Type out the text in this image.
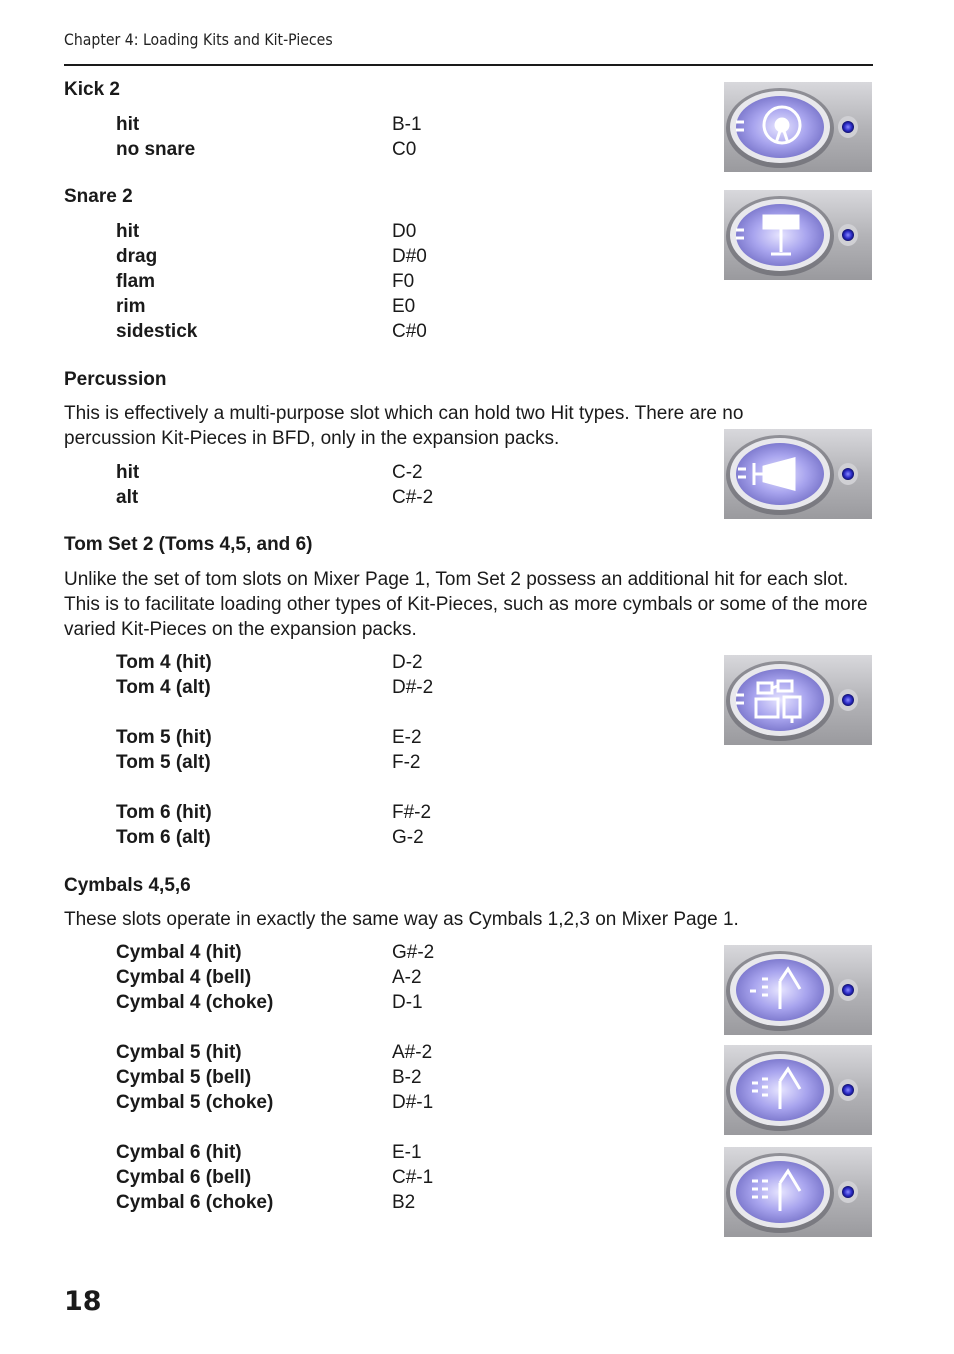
Chapter 4: Loading Kits and Kit-Pieces
Kick 2
hit	B-1
no snare	C0
Snare 2
hit	D0
drag	D#0
flam	F0
rim	E0
sidestick	C#0
Percussion
This is effectively a multi-purpose slot which can hold two Hit types. There are no percussion Kit-Pieces in BFD, only in the expansion packs.
hit	C-2
alt	C#-2
Tom Set 2 (Toms 4,5, and 6)
Unlike the set of tom slots on Mixer Page 1, Tom Set 2 possess an additional hit for each slot. This is to facilitate loading other types of Kit-Pieces, such as more cymbals or some of the more varied Kit-Pieces on the expansion packs.
Tom 4 (hit)	D-2
Tom 4 (alt)	D#-2
Tom 5 (hit)	E-2
Tom 5 (alt)	F-2
Tom 6 (hit)	F#-2
Tom 6 (alt)	G-2
Cymbals 4,5,6
These slots operate in exactly the same way as Cymbals 1,2,3 on Mixer Page 1.
Cymbal 4 (hit)	G#-2
Cymbal 4 (bell)	A-2
Cymbal 4 (choke)	D-1
Cymbal 5 (hit)	A#-2
Cymbal 5 (bell)	B-2
Cymbal 5 (choke)	D#-1
Cymbal 6 (hit)	E-1
Cymbal 6 (bell)	C#-1
Cymbal 6 (choke)	B2
18
